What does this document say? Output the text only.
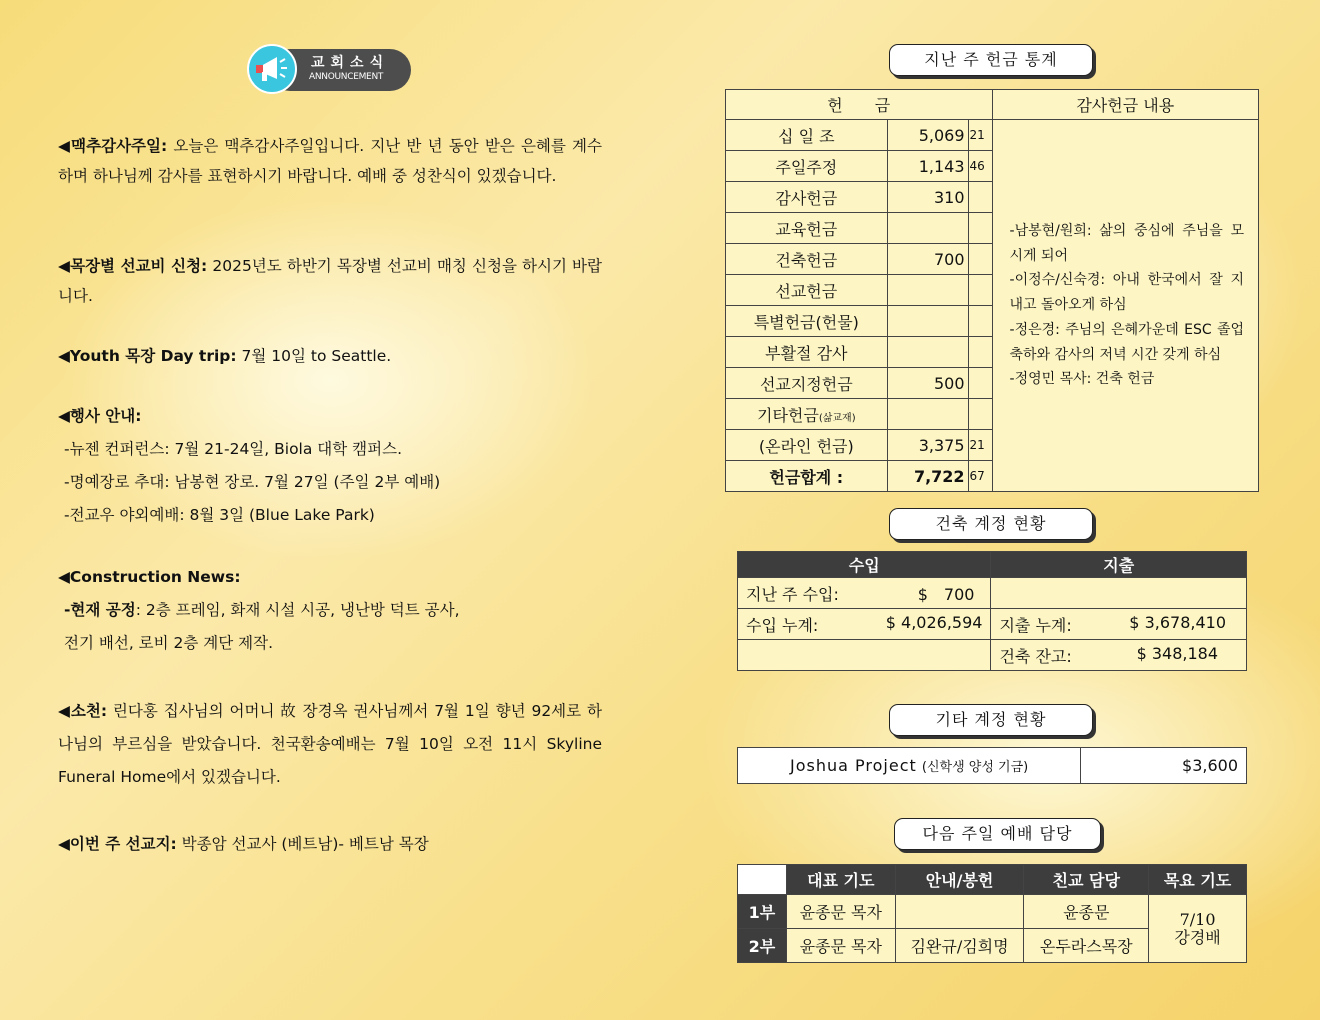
교회소식
ANNOUNCEMENT
◀맥추감사주일: 오늘은 맥추감사주일입니다. 지난 반 년 동안 받은 은혜를 계수하며 하나님께 감사를 표현하시기 바랍니다. 예배 중 성찬식이 있겠습니다.
◀목장별 선교비 신청: 2025년도 하반기 목장별 선교비 매칭 신청을 하시기 바랍니다.
◀Youth 목장 Day trip: 7월 10일 to Seattle.

◀행사 안내:

-뉴젠 컨퍼런스: 7월 21-24일, Biola 대학 캠퍼스.

-명예장로 추대: 남봉현 장로. 7월 27일 (주일 2부 예배)

-전교우 야외예배: 8월 3일 (Blue Lake Park)

◀Construction News:

-현재 공정: 2층 프레임, 화재 시설 시공, 냉난방 덕트 공사,

전기 배선, 로비 2층 계단 제작.

◀소천: 린다홍 집사님의 어머니 故 장경옥 권사님께서 7월 1일 향년 92세로 하나님의 부르심을 받았습니다. 천국환송예배는 7월 10일 오전 11시 Skyline Funeral Home에서 있겠습니다.
◀이번 주 선교지: 박종암 선교사 (베트남)- 베트남 목장
지난 주 헌금 통계
헌　　금			감사헌금 내용
십 일 조	5,069	21	-남봉현/원희: 삶의 중심에 주님을 모시게 되어
-이정수/신숙경: 아내 한국에서 잘 지내고 돌아오게 하심
-정은경: 주님의 은혜가운데 ESC 졸업 축하와 감사의 저녁 시간 갖게 하심
-정영민 목사: 건축 헌금

주일주정	1,143	46	
감사헌금	310		
교육헌금			
건축헌금	700		
선교헌금			
특별헌금(헌물)			
부활절 감사			
선교지정헌금	500		
기타헌금(삶교재)			
(온라인 헌금)	3,375	21	
헌금합계 :	7,722	67	
건축 계정 현황
수입	지출
지난 주 수입: $　700	

수입 누계: $ 4,026,594	지출 누계: $ 3,678,410

	건축 잔고: $ 348,184
기타 계정 현황
Joshua Project (신학생 양성 기금)	$3,600
다음 주일 예배 담당
	대표 기도	안내/봉헌	친교 담당	목요 기도
1부	윤종문 목자		윤종문	7/10
강경배

2부	윤종문 목자	김완규/김희명	온두라스목장	
